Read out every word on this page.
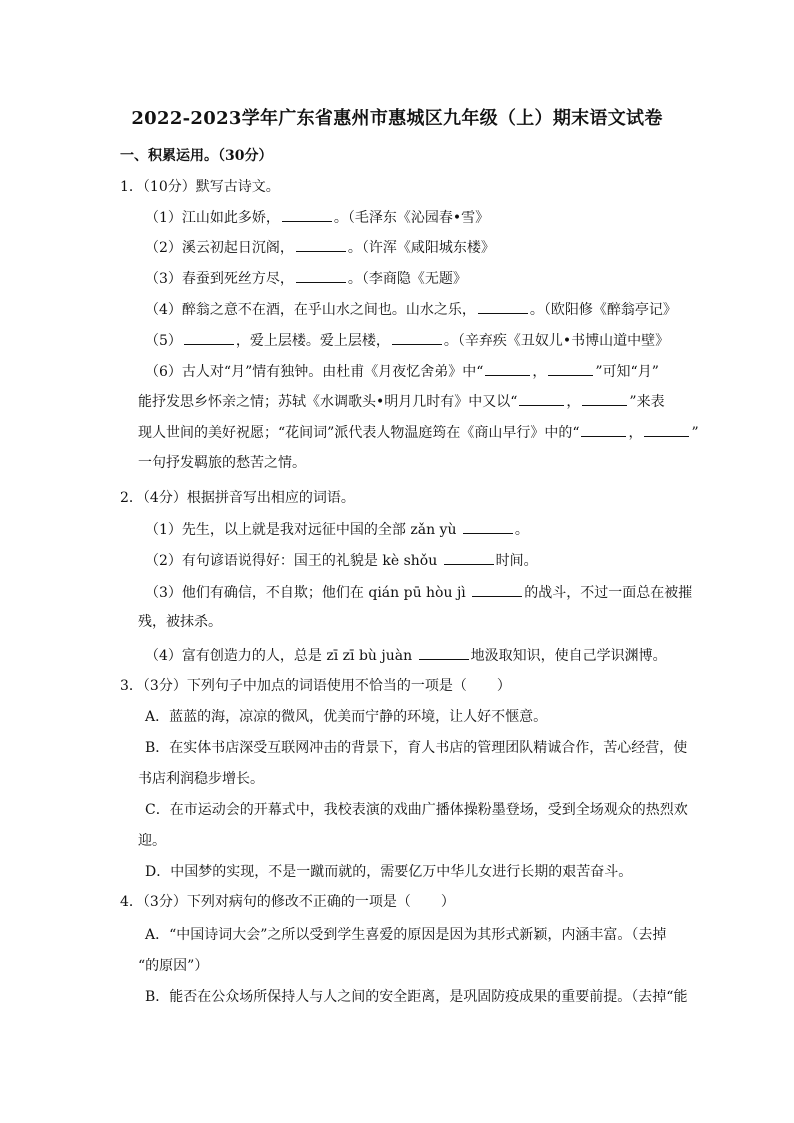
2022-2023学年广东省惠州市惠城区九年级（上）期末语文试卷
一、积累运用。（30分）
1．（10分）默写古诗文。
（1）江山如此多娇，	。（毛泽东《沁园春•雪》
（2）溪云初起日沉阁，	。（许浑《咸阳城东楼》
（3）春蚕到死丝方尽，	。（李商隐《无题》
（4）醉翁之意不在酒，在乎山水之间也。山水之乐，	。（欧阳修《醉翁亭记》
（5）	，爱上层楼。爱上层楼，	。（辛弃疾《丑奴儿•书博山道中壁》
（6）古人对“月”情有独钟。由杜甫《月夜忆舍弟》中“	，	”可知“月”
能抒发思乡怀亲之情；苏轼《水调歌头•明月几时有》中又以“	，	”来表
现人世间的美好祝愿；“花间词”派代表人物温庭筠在《商山早行》中的“	，	”
一句抒发羁旅的愁苦之情。
2．（4分）根据拼音写出相应的词语。
（1）先生，以上就是我对远征中国的全部 zǎn yù	。
（2）有句谚语说得好：国王的礼貌是 kè shǒu	时间。
（3）他们有确信，不自欺；他们在 qián pū hòu jì	的战斗，不过一面总在被摧
残，被抹杀。
（4）富有创造力的人，总是 zī zī bù juàn	地汲取知识，使自己学识渊博。
3．（3分）下列句子中加点的词语使用不恰当的一项是（ ）
A．蓝蓝的海，凉凉的微风，优美而宁静的环境，让人好不惬意。
B．在实体书店深受互联网冲击的背景下，育人书店的管理团队精诚合作，苦心经营，使
书店利润稳步增长。
C．在市运动会的开幕式中，我校表演的戏曲广播体操粉墨登场，受到全场观众的热烈欢
迎。
D．中国梦的实现，不是一蹴而就的，需要亿万中华儿女进行长期的艰苦奋斗。
4．（3分）下列对病句的修改不正确的一项是（ ）
A．“中国诗词大会”之所以受到学生喜爱的原因是因为其形式新颖，内涵丰富。（去掉
“的原因”）
B．能否在公众场所保持人与人之间的安全距离，是巩固防疫成果的重要前提。（去掉“能
